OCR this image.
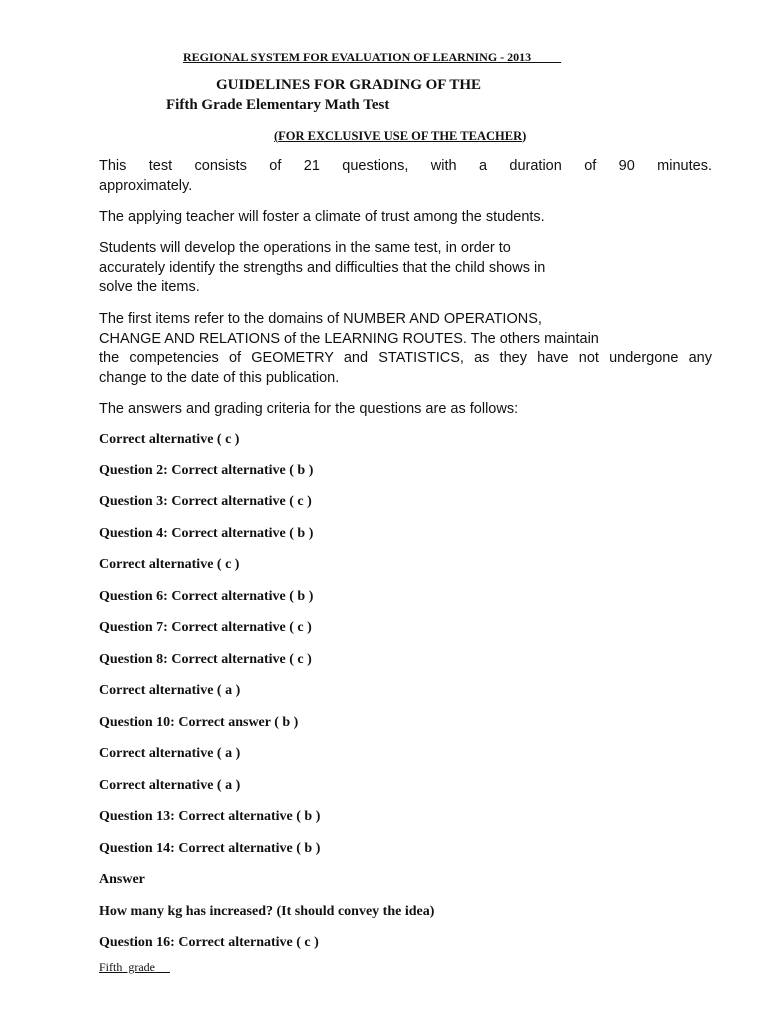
REGIONAL SYSTEM FOR EVALUATION OF LEARNING - 2013
GUIDELINES FOR GRADING OF THE
Fifth Grade Elementary Math Test
(FOR EXCLUSIVE USE OF THE TEACHER)
This test consists of 21 questions, with a duration of 90 minutes.
approximately.
The applying teacher will foster a climate of trust among the students.
Students will develop the operations in the same test, in order to
accurately identify the strengths and difficulties that the child shows in
solve the items.
The first items refer to the domains of NUMBER AND OPERATIONS,
CHANGE AND RELATIONS of the LEARNING ROUTES. The others maintain
the competencies of GEOMETRY and STATISTICS, as they have not undergone any
change to the date of this publication.
The answers and grading criteria for the questions are as follows:
Correct alternative ( c )
Question 2: Correct alternative ( b )
Question 3: Correct alternative ( c )
Question 4: Correct alternative ( b )
Correct alternative ( c )
Question 6: Correct alternative ( b )
Question 7: Correct alternative ( c )
Question 8: Correct alternative ( c )
Correct alternative ( a )
Question 10: Correct answer ( b )
Correct alternative ( a )
Correct alternative ( a )
Question 13: Correct alternative ( b )
Question 14: Correct alternative ( b )
Answer
How many kg has increased? (It should convey the idea)
Question 16: Correct alternative ( c )
Fifth  grade
